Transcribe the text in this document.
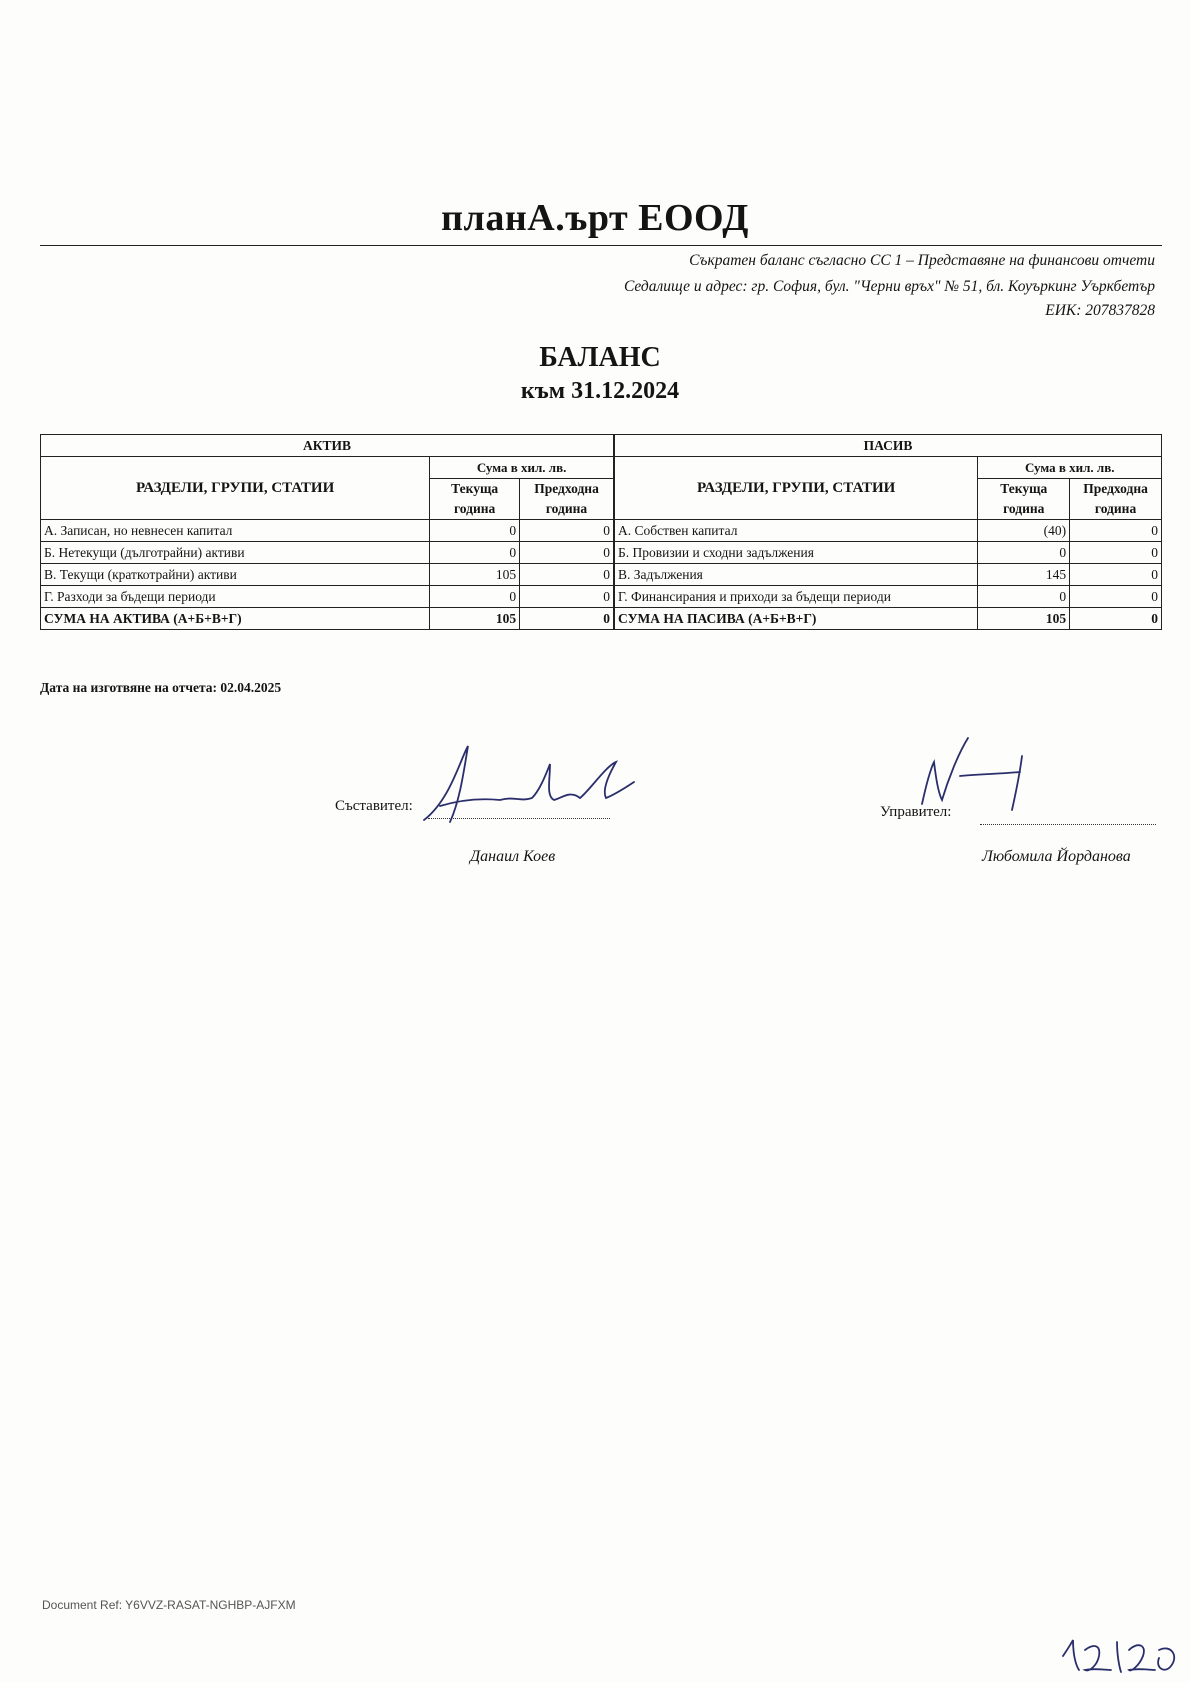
планА.ърт ЕООД
Съкратен баланс съгласно СС 1 – Представяне на финансови отчети
Седалище и адрес: гр. София, бул. "Черни връх" № 51, бл. Коуъркинг Уъркбетър
ЕИК: 207837828
БАЛАНС
към 31.12.2024
АКТИВ		
РАЗДЕЛИ, ГРУПИ, СТАТИИ	Сума в хил. лв.	
	Текуща година	Предходна година
А. Записан, но невнесен капитал	0	0
Б. Нетекущи (дълготрайни) активи	0	0
В. Текущи (краткотрайни) активи	105	0
Г. Разходи за бъдещи периоди	0	0
СУМА НА АКТИВА (А+Б+В+Г)	105	0
ПАСИВ		
РАЗДЕЛИ, ГРУПИ, СТАТИИ	Сума в хил. лв.	
	Текуща година	Предходна година
А. Собствен капитал	(40)	0
Б. Провизии и сходни задължения	0	0
В. Задължения	145	0
Г. Финансирания и приходи за бъдещи периоди	0	0
СУМА НА ПАСИВА (А+Б+В+Г)	105	0
Дата на изготвяне на отчета: 02.04.2025
Съставител:
Данаил Коев
Управител:
Любомила Йорданова
Document Ref: Y6VVZ-RASAT-NGHBP-AJFXM
